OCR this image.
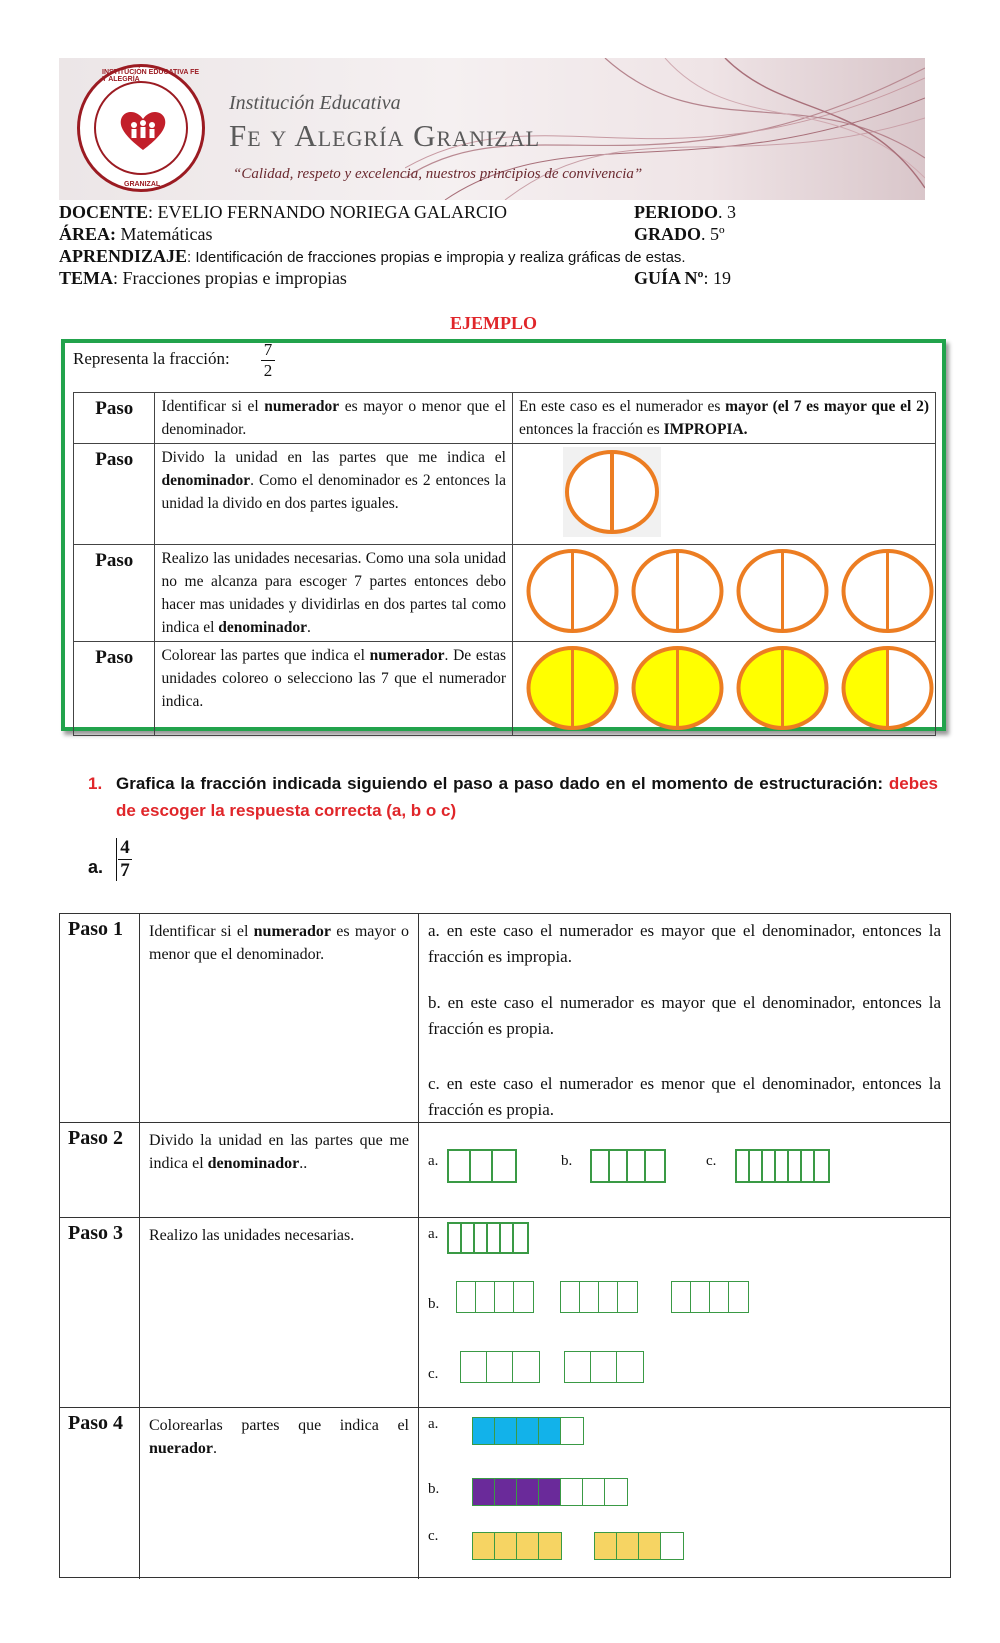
INSTITUCIÓN EDUCATIVA FE Y ALEGRÍA
GRANIZAL
Institución Educativa
Fe y Alegría Granizal
“Calidad, respeto y excelencia, nuestros principios de convivencia”
DOCENTE: EVELIO FERNANDO NORIEGA GALARCIO	PERIODO. 3
ÁREA: Matemáticas	GRADO. 5º
APRENDIZAJE: Identificación de fracciones propias e impropia y realiza gráficas de estas.
TEMA: Fracciones propias e impropias	GUÍA Nº: 19
EJEMPLO
Representa la fracción: 7
2
Paso	Identificar si el numerador es mayor o menor que el denominador.	En este caso es el numerador es mayor (el 7 es mayor que el 2) entonces la fracción es IMPROPIA.
Paso	Divido la unidad en las partes que me indica el denominador. Como el denominador es 2 entonces la unidad la divido en dos partes iguales.	
Paso	Realizo las unidades necesarias. Como una sola unidad no me alcanza para escoger 7 partes entonces debo hacer mas unidades y dividirlas en dos partes tal como indica el denominador.	

Paso	Colorear las partes que indica el numerador. De estas unidades coloreo o selecciono las 7 que el numerador indica.	
1. Grafica la fracción indicada siguiendo el paso a paso dado en el momento de estructuración: debes de escoger la respuesta correcta (a, b o c)
a.
4
7
Paso 1	Identificar si el numerador es mayor o menor que el denominador.
a. en este caso el numerador es mayor que el denominador, entonces la fracción es impropia.
b. en este caso el numerador es mayor que el denominador, entonces la fracción es propia.
c. en este caso el numerador es menor que el denominador, entonces la fracción es propia.
Paso 2	Divido la unidad en las partes que me indica el denominador..	a.	b.	c.
Paso 3	Realizo las unidades necesarias.	a.
b.
c.
Paso 4	Colorearlas partes que indica el nuerador.
a.
b.
c.
